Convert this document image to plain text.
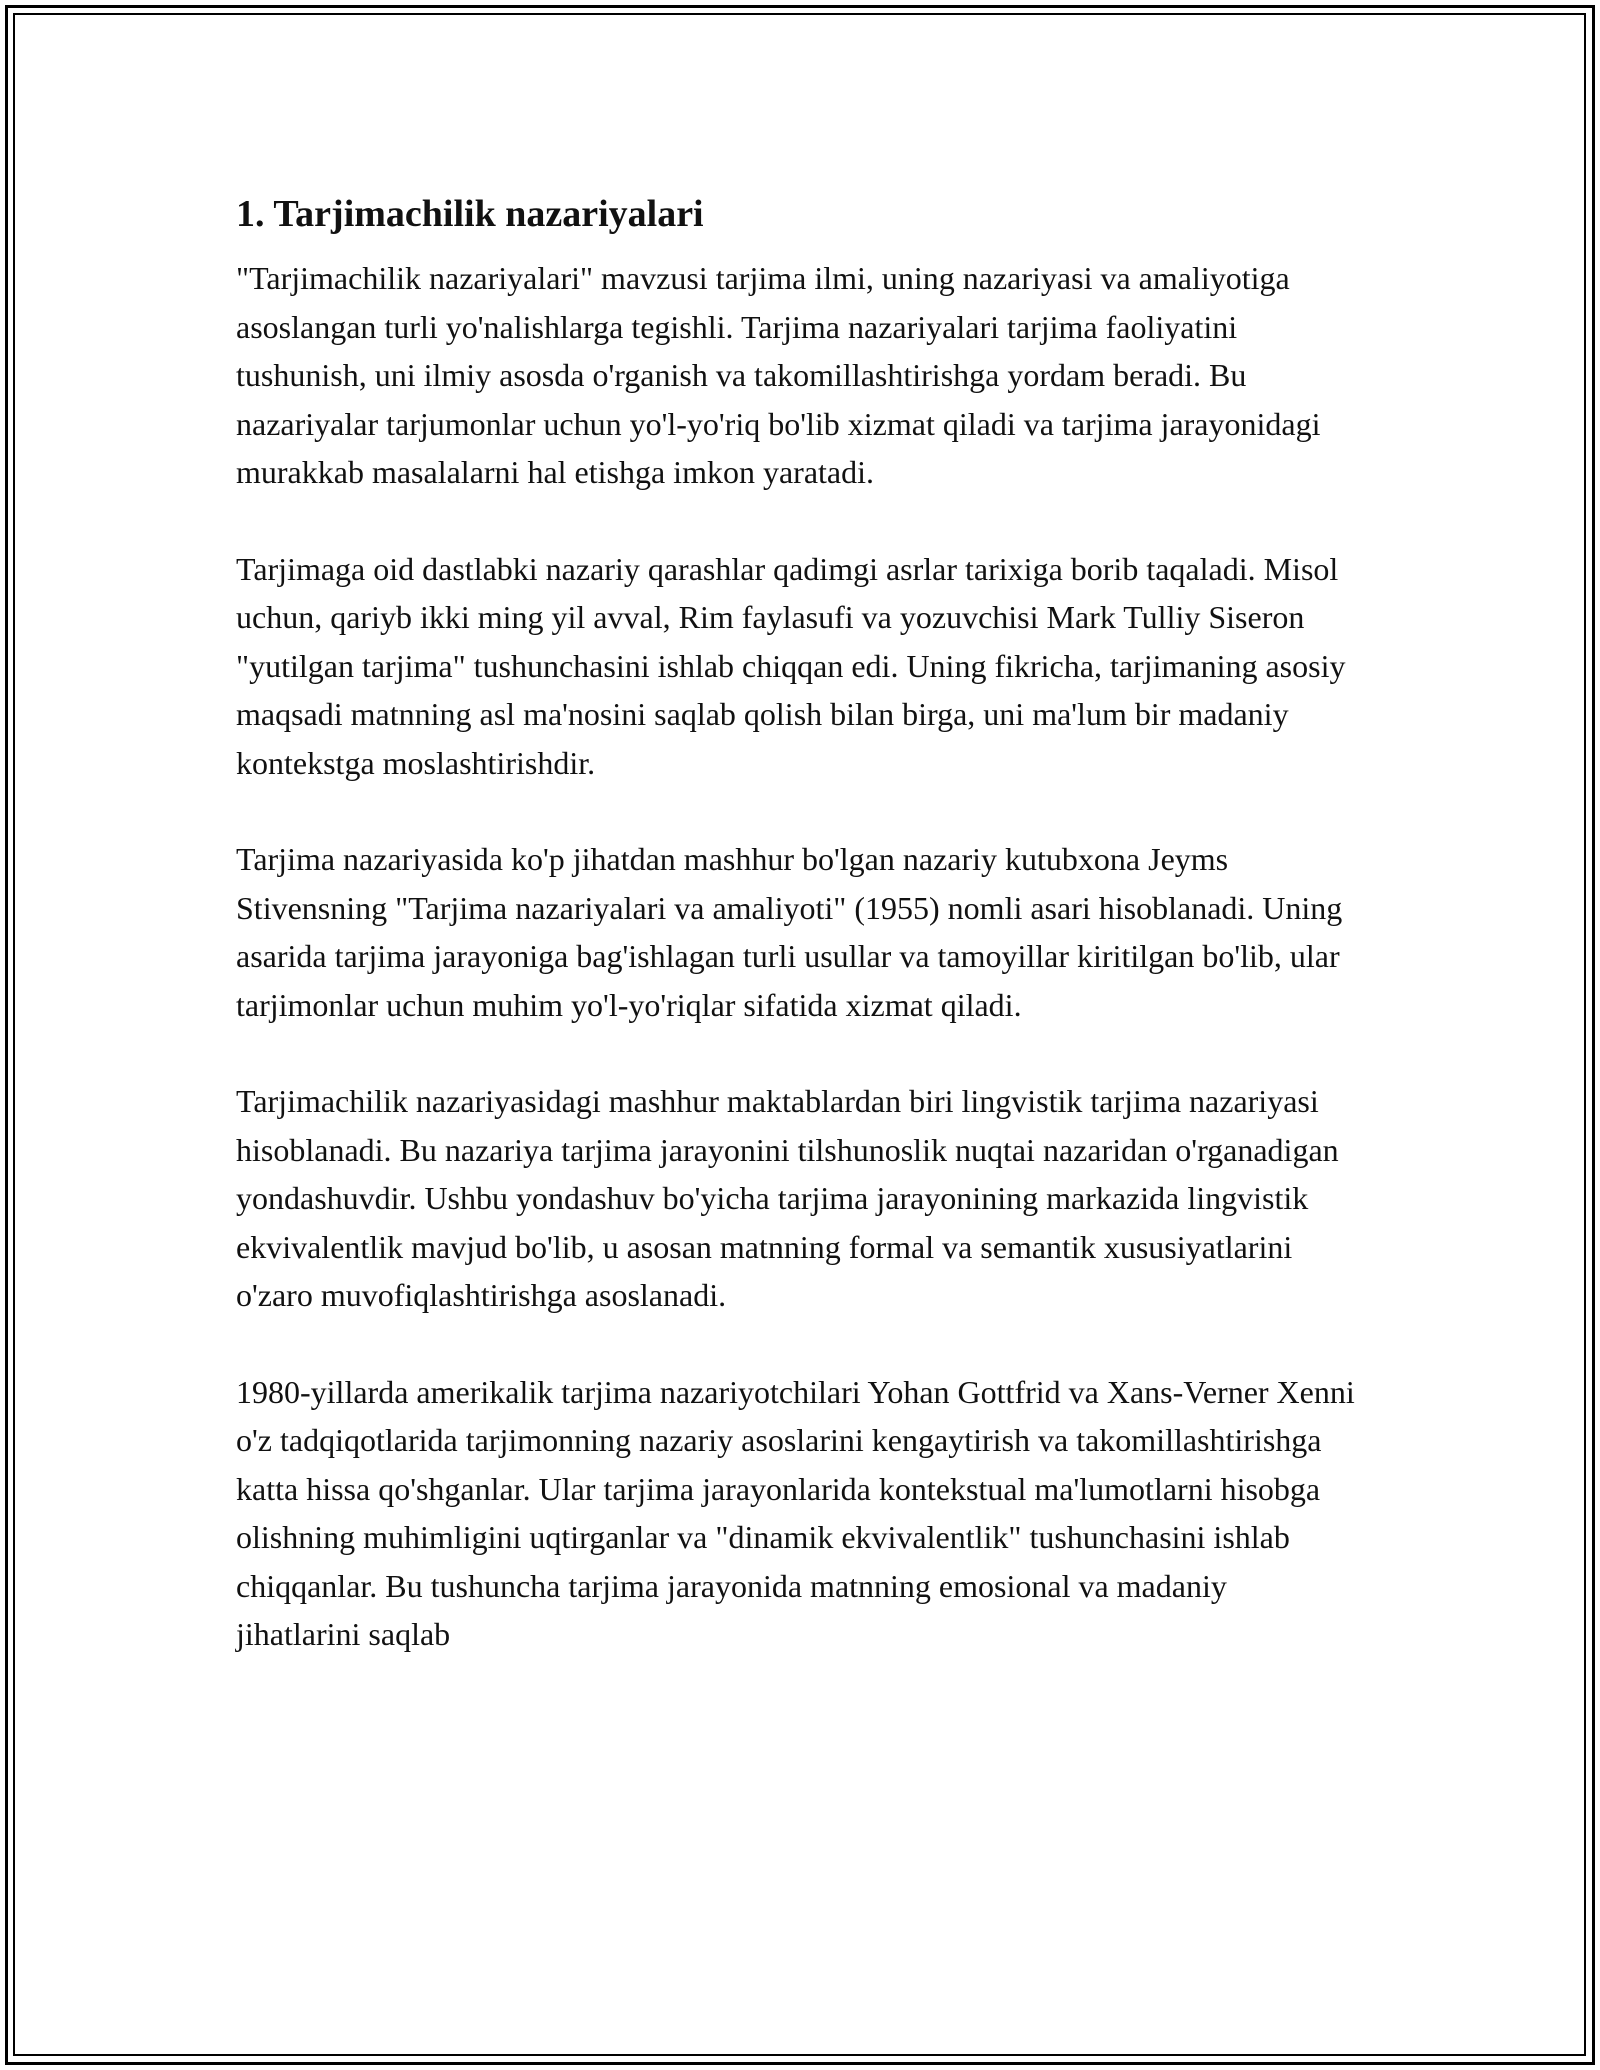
1. Tarjimachilik nazariyalari

"Tarjimachilik nazariyalari" mavzusi tarjima ilmi, uning nazariyasi va amaliyotiga asoslangan turli yo'nalishlarga tegishli. Tarjima nazariyalari tarjima faoliyatini tushunish, uni ilmiy asosda o'rganish va takomillashtirishga yordam beradi. Bu nazariyalar tarjumonlar uchun yo'l-yo'riq bo'lib xizmat qiladi va tarjima jarayonidagi murakkab masalalarni hal etishga imkon yaratadi.

Tarjimaga oid dastlabki nazariy qarashlar qadimgi asrlar tarixiga borib taqaladi. Misol uchun, qariyb ikki ming yil avval, Rim faylasufi va yozuvchisi Mark Tulliy Siseron "yutilgan tarjima" tushunchasini ishlab chiqqan edi. Uning fikricha, tarjimaning asosiy maqsadi matnning asl ma'nosini saqlab qolish bilan birga, uni ma'lum bir madaniy kontekstga moslashtirishdir.

Tarjima nazariyasida ko'p jihatdan mashhur bo'lgan nazariy kutubxona Jeyms Stivensning "Tarjima nazariyalari va amaliyoti" (1955) nomli asari hisoblanadi. Uning asarida tarjima jarayoniga bag'ishlagan turli usullar va tamoyillar kiritilgan bo'lib, ular tarjimonlar uchun muhim yo'l-yo'riqlar sifatida xizmat qiladi.

Tarjimachilik nazariyasidagi mashhur maktablardan biri lingvistik tarjima nazariyasi hisoblanadi. Bu nazariya tarjima jarayonini tilshunoslik nuqtai nazaridan o'rganadigan yondashuvdir. Ushbu yondashuv bo'yicha tarjima jarayonining markazida lingvistik ekvivalentlik mavjud bo'lib, u asosan matnning formal va semantik xususiyatlarini o'zaro muvofiqlashtirishga asoslanadi.

1980-yillarda amerikalik tarjima nazariyotchilari Yohan Gottfrid va Xans-Verner Xenni o'z tadqiqotlarida tarjimonning nazariy asoslarini kengaytirish va takomillashtirishga katta hissa qo'shganlar. Ular tarjima jarayonlarida kontekstual ma'lumotlarni hisobga olishning muhimligini uqtirganlar va "dinamik ekvivalentlik" tushunchasini ishlab chiqqanlar. Bu tushuncha tarjima jarayonida matnning emosional va madaniy jihatlarini saqlab
